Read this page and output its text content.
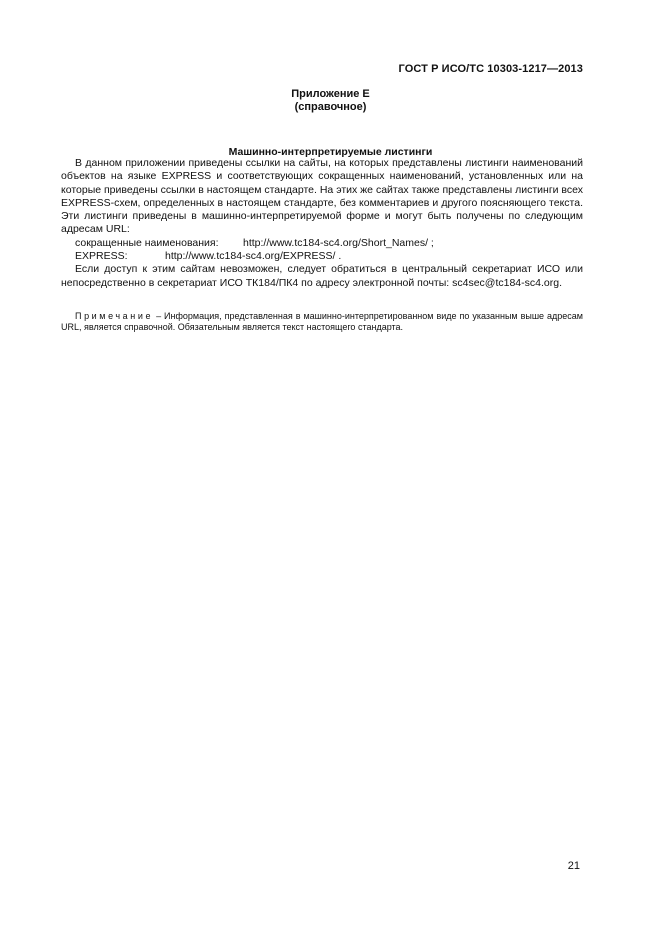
ГОСТ Р ИСО/ТС 10303-1217—2013
Приложение Е
(справочное)
Машинно-интерпретируемые листинги

В данном приложении приведены ссылки на сайты, на которых представлены листинги наименований объектов на языке EXPRESS и соответствующих сокращенных наименований, установленных или на которые приведены ссылки в настоящем стандарте. На этих же сайтах также представлены листинги всех EXPRESS-схем, определенных в настоящем стандарте, без комментариев и другого поясняющего текста. Эти листинги приведены в машинно-интерпретируемой форме и могут быть получены по следующим адресам URL:

сокращенные наименования:	http://www.tc184-sc4.org/Short_Names/ ;
EXPRESS:	http://www.tc184-sc4.org/EXPRESS/ .

Если доступ к этим сайтам невозможен, следует обратиться в центральный секретариат ИСО или непосредственно в секретариат ИСО ТК184/ПК4 по адресу электронной почты: sc4sec@tc184-sc4.org.

Примечание – Информация, представленная в машинно-интерпретированном виде по указанным выше адресам URL, является справочной. Обязательным является текст настоящего стандарта.

21
